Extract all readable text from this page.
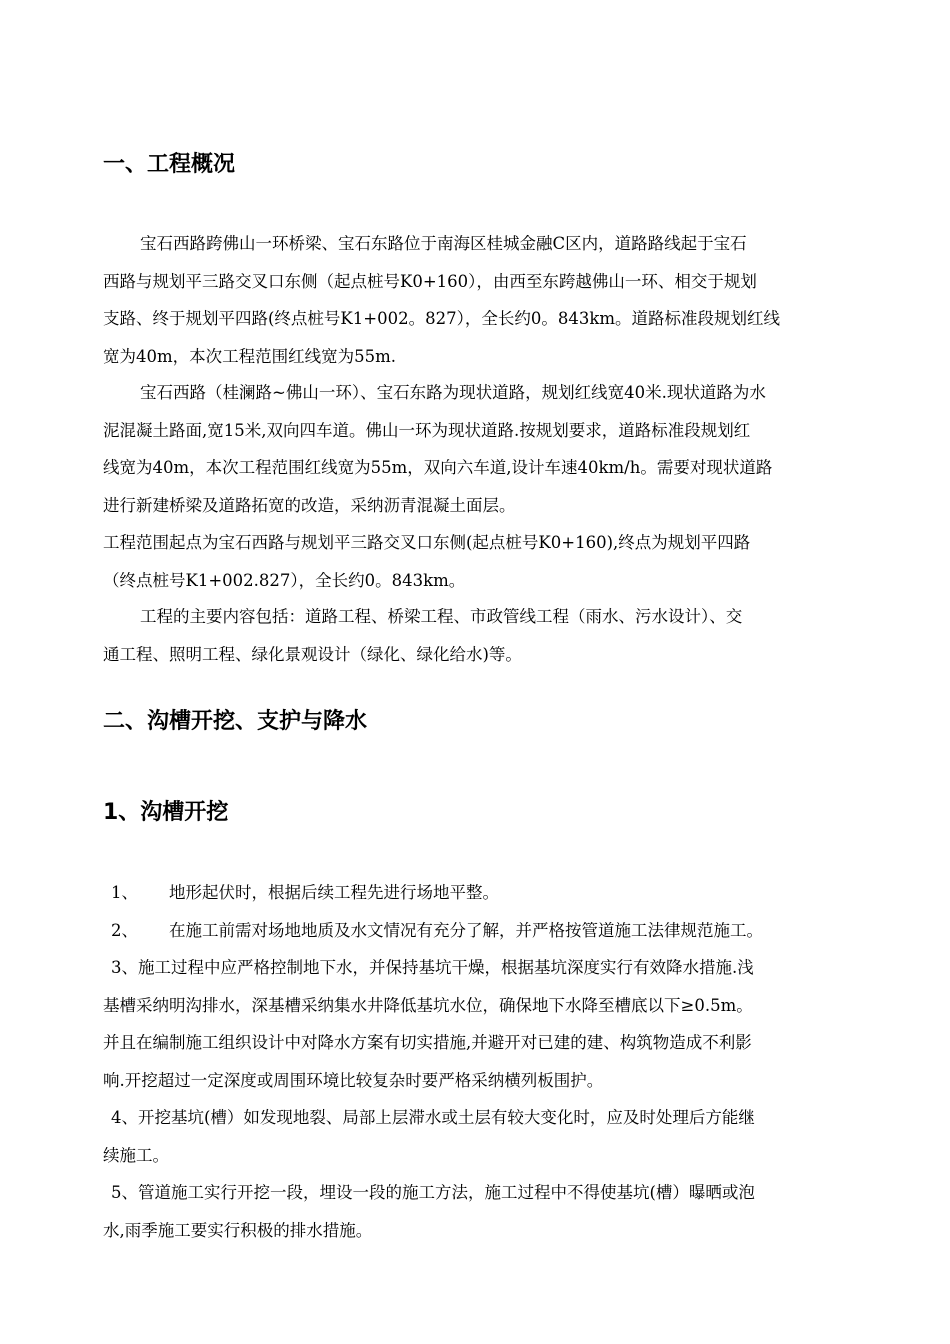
一、工程概况
宝石西路跨佛山一环桥梁、宝石东路位于南海区桂城金融C区内，道路路线起于宝石
西路与规划平三路交叉口东侧（起点桩号K0+160），由西至东跨越佛山一环、相交于规划
支路、终于规划平四路(终点桩号K1+002。827），全长约0。843km。道路标准段规划红线
宽为40m，本次工程范围红线宽为55m.
宝石西路（桂澜路~佛山一环）、宝石东路为现状道路，规划红线宽40米.现状道路为水
泥混凝土路面,宽15米,双向四车道。佛山一环为现状道路.按规划要求，道路标准段规划红
线宽为40m，本次工程范围红线宽为55m，双向六车道,设计车速40km/h。需要对现状道路
进行新建桥梁及道路拓宽的改造，采纳沥青混凝土面层。
工程范围起点为宝石西路与规划平三路交叉口东侧(起点桩号K0+160),终点为规划平四路
（终点桩号K1+002.827），全长约0。843km。
工程的主要内容包括：道路工程、桥梁工程、市政管线工程（雨水、污水设计）、交
通工程、照明工程、绿化景观设计（绿化、绿化给水)等。
二、沟槽开挖、支护与降水
1、沟槽开挖
1、 地形起伏时，根据后续工程先进行场地平整。
2、 在施工前需对场地地质及水文情况有充分了解，并严格按管道施工法律规范施工。
3、施工过程中应严格控制地下水，并保持基坑干燥，根据基坑深度实行有效降水措施.浅
基槽采纳明沟排水，深基槽采纳集水井降低基坑水位，确保地下水降至槽底以下≥0.5m。
并且在编制施工组织设计中对降水方案有切实措施,并避开对已建的建、构筑物造成不利影
响.开挖超过一定深度或周围环境比较复杂时要严格采纳横列板围护。
4、开挖基坑(槽）如发现地裂、局部上层滞水或土层有较大变化时，应及时处理后方能继
续施工。
5、管道施工实行开挖一段，埋设一段的施工方法，施工过程中不得使基坑(槽）曝晒或泡
水,雨季施工要实行积极的排水措施。
